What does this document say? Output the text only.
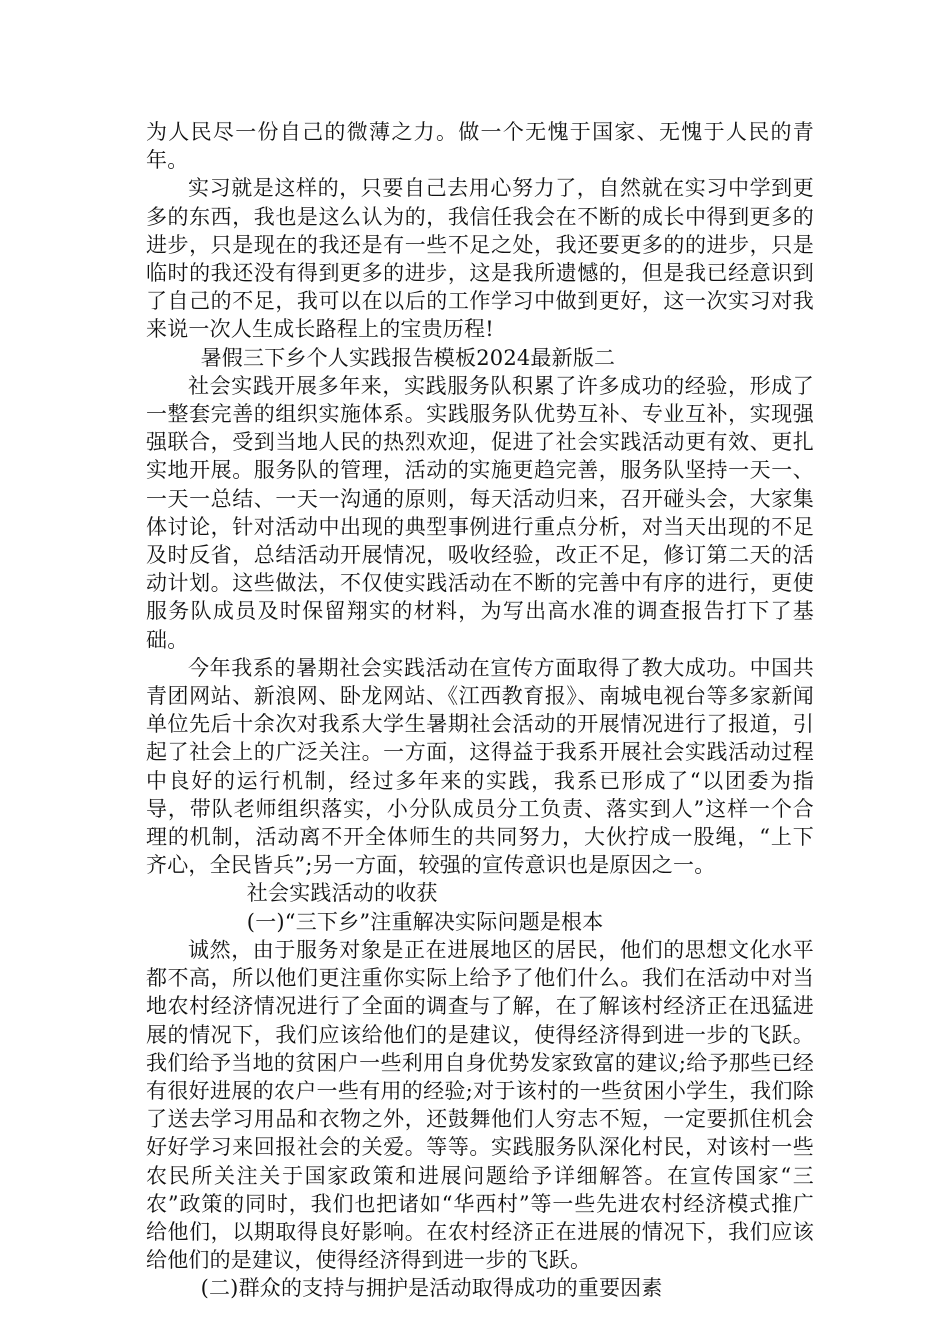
为人民尽一份自己的微薄之力。做一个无愧于国家、无愧于人民的青年。

实习就是这样的，只要自己去用心努力了，自然就在实习中学到更多的东西，我也是这么认为的，我信任我会在不断的成长中得到更多的进步，只是现在的我还是有一些不足之处，我还要更多的的进步，只是临时的我还没有得到更多的进步，这是我所遗憾的，但是我已经意识到了自己的不足，我可以在以后的工作学习中做到更好，这一次实习对我来说一次人生成长路程上的宝贵历程!

暑假三下乡个人实践报告模板2024最新版二

社会实践开展多年来，实践服务队积累了许多成功的经验，形成了一整套完善的组织实施体系。实践服务队优势互补、专业互补，实现强强联合，受到当地人民的热烈欢迎，促进了社会实践活动更有效、更扎实地开展。服务队的管理，活动的实施更趋完善，服务队坚持一天一、一天一总结、一天一沟通的原则，每天活动归来，召开碰头会，大家集体讨论，针对活动中出现的典型事例进行重点分析，对当天出现的不足及时反省，总结活动开展情况，吸收经验，改正不足，修订第二天的活动计划。这些做法，不仅使实践活动在不断的完善中有序的进行，更使服务队成员及时保留翔实的材料，为写出高水准的调查报告打下了基础。

今年我系的暑期社会实践活动在宣传方面取得了教大成功。中国共青团网站、新浪网、卧龙网站、《江西教育报》、南城电视台等多家新闻单位先后十余次对我系大学生暑期社会活动的开展情况进行了报道，引起了社会上的广泛关注。一方面，这得益于我系开展社会实践活动过程中良好的运行机制，经过多年来的实践，我系已形成了“以团委为指导，带队老师组织落实，小分队成员分工负责、落实到人”这样一个合理的机制，活动离不开全体师生的共同努力，大伙拧成一股绳，“上下齐心，全民皆兵”;另一方面，较强的宣传意识也是原因之一。

社会实践活动的收获

(一)“三下乡”注重解决实际问题是根本

诚然，由于服务对象是正在进展地区的居民，他们的思想文化水平都不高，所以他们更注重你实际上给予了他们什么。我们在活动中对当地农村经济情况进行了全面的调查与了解，在了解该村经济正在迅猛进展的情况下，我们应该给他们的是建议，使得经济得到进一步的飞跃。我们给予当地的贫困户一些利用自身优势发家致富的建议;给予那些已经有很好进展的农户一些有用的经验;对于该村的一些贫困小学生，我们除了送去学习用品和衣物之外，还鼓舞他们人穷志不短，一定要抓住机会好好学习来回报社会的关爱。等等。实践服务队深化村民，对该村一些农民所关注关于国家政策和进展问题给予详细解答。在宣传国家“三农”政策的同时，我们也把诸如“华西村”等一些先进农村经济模式推广给他们，以期取得良好影响。在农村经济正在进展的情况下，我们应该给他们的是建议，使得经济得到进一步的飞跃。

(二)群众的支持与拥护是活动取得成功的重要因素
